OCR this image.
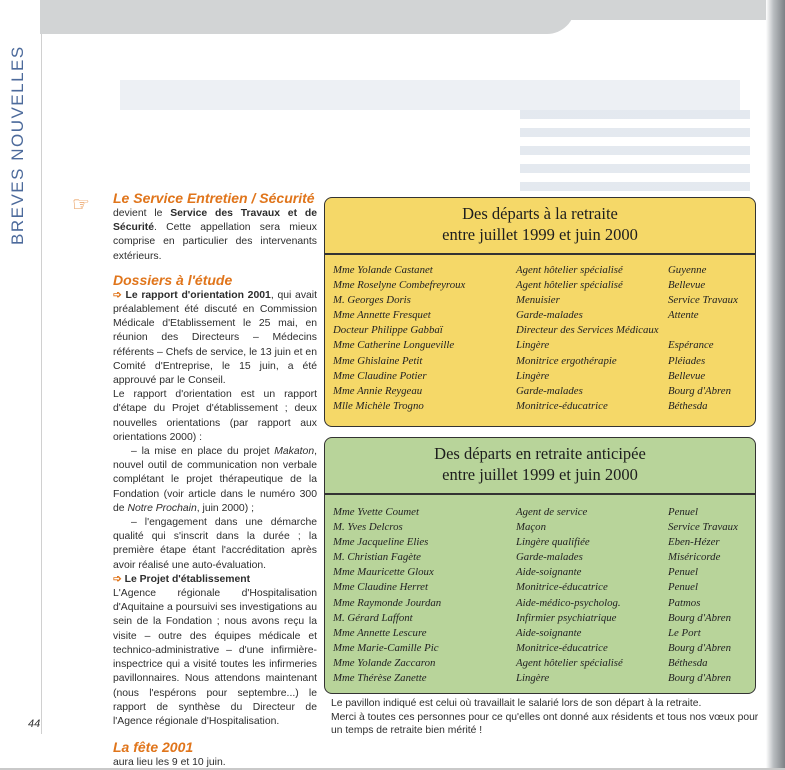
BREVES NOUVELLES ☞ Le Service Entretien / Sécurité

devient le Service des Travaux et de Sécurité. Cette appellation sera mieux comprise en particulier des intervenants extérieurs.

Dossiers à l'étude

➩ Le rapport d'orientation 2001, qui avait préalablement été discuté en Commission Médicale d'Etablissement le 25 mai, en réunion des Directeurs – Médecins référents – Chefs de service, le 13 juin et en Comité d'Entreprise, le 15 juin, a été approuvé par le Conseil.

Le rapport d'orientation est un rapport d'étape du Projet d'établissement ; deux nouvelles orientations (par rapport aux orientations 2000) :

– la mise en place du projet Makaton, nouvel outil de communication non verbale complétant le projet thérapeutique de la Fondation (voir article dans le numéro 300 de Notre Prochain, juin 2000) ;

– l'engagement dans une démarche qualité qui s'inscrit dans la durée ; la première étape étant l'accréditation après avoir réalisé une auto-évaluation.

➩ Le Projet d'établissement

L'Agence régionale d'Hospitalisation d'Aquitaine a poursuivi ses investigations au sein de la Fondation ; nous avons reçu la visite – outre des équipes médicale et technico-administrative – d'une infirmière-inspectrice qui a visité toutes les infirmeries pavillonnaires. Nous attendons maintenant (nous l'espérons pour septembre...) le rapport de synthèse du Directeur de l'Agence régionale d'Hospitalisation.

La fête 2001

aura lieu les 9 et 10 juin.

Des départs à la retraite
entre juillet 1999 et juin 2000
Mme Yolande Castanet	Agent hôtelier spécialisé	Guyenne
Mme Roselyne Combefreyroux	Agent hôtelier spécialisé	Bellevue
M. Georges Doris	Menuisier	Service Travaux
Mme Annette Fresquet	Garde-malades	Attente
Docteur Philippe Gabbaï	Directeur des Services Médicaux
Mme Catherine Longueville	Lingère	Espérance
Mme Ghislaine Petit	Monitrice ergothérapie	Pléiades
Mme Claudine Potier	Lingère	Bellevue
Mme Annie Reygeau	Garde-malades	Bourg d'Abren
Mlle Michèle Trogno	Monitrice-éducatrice	Béthesda
Des départs en retraite anticipée
entre juillet 1999 et juin 2000
Mme Yvette Coumet	Agent de service	Penuel
M. Yves Delcros	Maçon	Service Travaux
Mme Jacqueline Elies	Lingère qualifiée	Eben-Hézer
M. Christian Fagète	Garde-malades	Miséricorde
Mme Mauricette Gloux	Aide-soignante	Penuel
Mme Claudine Herret	Monitrice-éducatrice	Penuel
Mme Raymonde Jourdan	Aide-médico-psycholog.	Patmos
M. Gérard Laffont	Infirmier psychiatrique	Bourg d'Abren
Mme Annette Lescure	Aide-soignante	Le Port
Mme Marie-Camille Pic	Monitrice-éducatrice	Bourg d'Abren
Mme Yolande Zaccaron	Agent hôtelier spécialisé	Béthesda
Mme Thérèse Zanette	Lingère	Bourg d'Abren
Le pavillon indiqué est celui où travaillait le salarié lors de son départ à la retraite.
Merci à toutes ces personnes pour ce qu'elles ont donné aux résidents et tous nos vœux pour un temps de retraite bien mérité !
44
